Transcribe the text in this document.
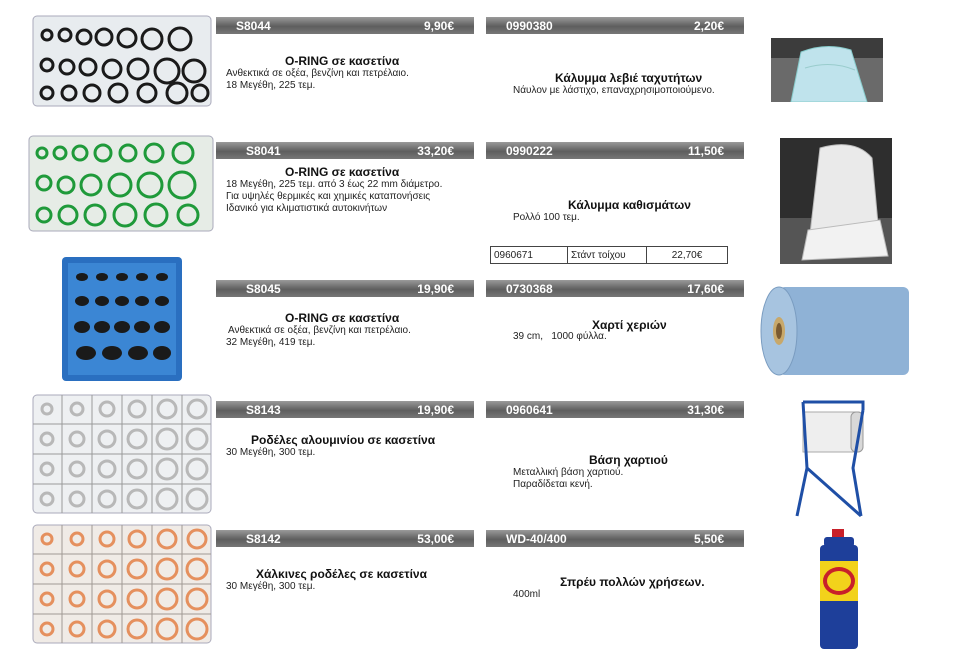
S8044	9,90€
O-RING σε κασετίνα
Ανθεκτικά σε οξέα, βενζίνη και πετρέλαιο.
18 Μεγέθη, 225 τεμ.
0990380	2,20€
Κάλυμμα λεβιέ ταχυτήτων
Νάυλον με λάστιχο, επαναχρησιμοποιούμενο.
S8041	33,20€
O-RING σε κασετίνα
18 Μεγέθη, 225 τεμ. από 3 έως 22 mm διάμετρο.
Για υψηλές θερμικές και χημικές καταπονήσεις
Ιδανικό για κλιματιστικά αυτοκινήτων
0990222	11,50€
Κάλυμμα καθισμάτων
Ρολλό 100 τεμ.
0960671	Στάντ τοίχου	22,70€
S8045	19,90€
O-RING σε κασετίνα
Ανθεκτικά σε οξέα, βενζίνη και πετρέλαιο.
32 Μεγέθη, 419 τεμ.
0730368	17,60€
Χαρτί χεριών
39 cm,   1000 φύλλα.
S8143	19,90€
Ροδέλες αλουμινίου σε κασετίνα
30 Μεγέθη, 300 τεμ.
0960641	31,30€
Βάση χαρτιού
Μεταλλική βάση χαρτιού.
Παραδίδεται κενή.
S8142	53,00€
Χάλκινες ροδέλες σε κασετίνα
30 Μεγέθη, 300 τεμ.
WD-40/400	5,50€
Σπρέυ πολλών χρήσεων.
400ml
